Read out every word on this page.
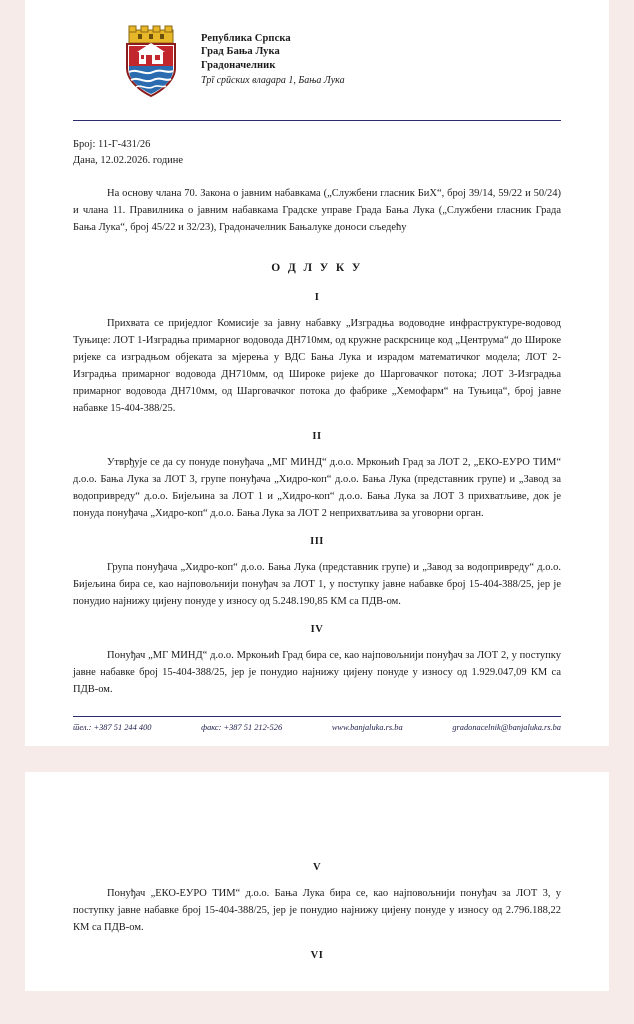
Република Српска
Град Бања Лука
Градоначелник
Трг српских владара 1, Бања Лука
Број: 11-Г-431/26
Дана, 12.02.2026. године

На основу члана 70. Закона о јавним набавкама („Службени гласник БиХ“, број 39/14, 59/22 и 50/24) и члана 11. Правилника о јавним набавкама Градске управе Града Бања Лука („Службени гласник Града Бања Лука“, број 45/22 и 32/23), Градоначелник Бањалуке доноси сљедећу

О Д Л У К У
I

Прихвата се приједлог Комисије за јавну набавку „Изградња водоводне инфраструктуре-водовод Туњице: ЛОТ 1-Изградња примарног водовода ДН710мм, од кружне раскрснице код „Центрума“ до Широке ријеке са изградњом објеката за мјерења у ВДС Бања Лука и израдом математичког модела; ЛОТ 2-Изградња примарног водовода ДН710мм, од Широке ријеке до Шарговачког потока; ЛОТ 3-Изградња примарног водовода ДН710мм, од Шарговачког потока до фабрике „Хемофарм“ на Туњица“, број јавне набавке 15-404-388/25.

II

Утврђује се да су понуде понуђача „МГ МИНД“ д.о.о. Мркоњић Град за ЛОТ 2, „ЕКО-ЕУРО ТИМ“ д.о.о. Бања Лука за ЛОТ 3, групе понуђача „Хидро-коп“ д.о.о. Бања Лука (представник групе) и „Завод за водопривреду“ д.о.о. Бијељина за ЛОТ 1 и „Хидро-коп“ д.о.о. Бања Лука за ЛОТ 3 прихватљиве, док је понуда понуђача „Хидро-коп“ д.о.о. Бања Лука за ЛОТ 2 неприхватљива за уговорни орган.

III

Група понуђача „Хидро-коп“ д.о.о. Бања Лука (представник групе) и „Завод за водопривреду“ д.о.о. Бијељина бира се, као најповољнији понуђач за ЛОТ 1, у поступку јавне набавке број 15-404-388/25, јер је понудио најнижу цијену понуде у износу од 5.248.190,85 КМ са ПДВ-ом.

IV

Понуђач „МГ МИНД“ д.о.о. Мркоњић Град бира се, као најповољнији понуђач за ЛОТ 2, у поступку јавне набавке број 15-404-388/25, јер је понудио најнижу цијену понуде у износу од 1.929.047,09 КМ са ПДВ-ом.

тел.: +387 51 244 400	факс: +387 51 212-526	www.banjaluka.rs.ba	gradonacelnik@banjaluka.rs.ba
V

Понуђач „ЕКО-ЕУРО ТИМ“ д.о.о. Бања Лука бира се, као најповољнији понуђач за ЛОТ 3, у поступку јавне набавке број 15-404-388/25, јер је понудио најнижу цијену понуде у износу од 2.796.188,22 КМ са ПДВ-ом.

VI
